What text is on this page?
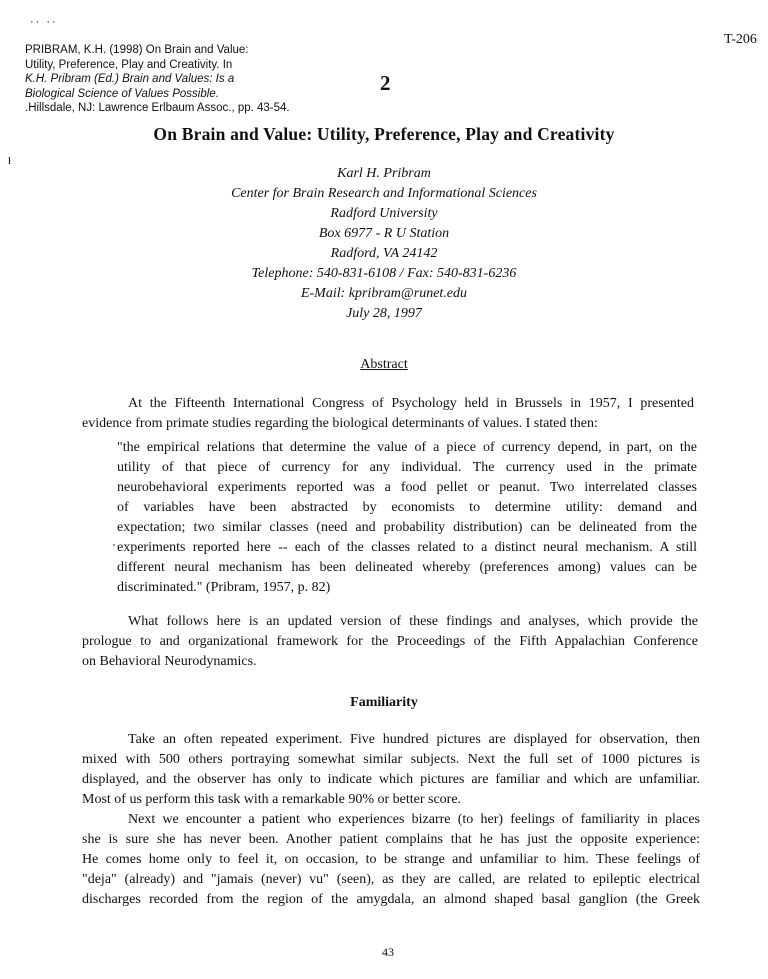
·· ··
PRIBRAM, K.H. (1998) On Brain and Value:
Utility, Preference, Play and Creativity. In
K.H. Pribram (Ed.) Brain and Values: Is a
Biological Science of Values Possible.
.Hillsdale, NJ: Lawrence Erlbaum Assoc., pp. 43-54.
T-206
2
On Brain and Value: Utility, Preference, Play and Creativity
ł
Karl H. Pribram
Center for Brain Research and Informational Sciences
Radford University
Box 6977 - R U Station
Radford, VA 24142
Telephone: 540-831-6108 / Fax: 540-831-6236
E-Mail: kpribram@runet.edu
July 28, 1997
Abstract
At the Fifteenth International Congress of Psychology held in Brussels in 1957, I presented
evidence from primate studies regarding the biological determinants of values. I stated then:
"the empirical relations that determine the value of a piece of currency depend, in part, on the
utility of that piece of currency for any individual. The currency used in the primate
neurobehavioral experiments reported was a food pellet or peanut. Two interrelated classes
of variables have been abstracted by economists to determine utility: demand and
expectation; two similar classes (need and probability distribution) can be delineated from the
experiments reported here -- each of the classes related to a distinct neural mechanism. A still
different neural mechanism has been delineated whereby (preferences among) values can be
discriminated." (Pribram, 1957, p. 82)
'
What follows here is an updated version of these findings and analyses, which provide the
prologue to and organizational framework for the Proceedings of the Fifth Appalachian Conference
on Behavioral Neurodynamics.
Familiarity
Take an often repeated experiment. Five hundred pictures are displayed for observation, then
mixed with 500 others portraying somewhat similar subjects. Next the full set of 1000 pictures is
displayed, and the observer has only to indicate which pictures are familiar and which are unfamiliar.
Most of us perform this task with a remarkable 90% or better score.
Next we encounter a patient who experiences bizarre (to her) feelings of familiarity in places
she is sure she has never been. Another patient complains that he has just the opposite experience:
He comes home only to feel it, on occasion, to be strange and unfamiliar to him. These feelings of
"deja" (already) and "jamais (never) vu" (seen), as they are called, are related to epileptic electrical
discharges recorded from the region of the amygdala, an almond shaped basal ganglion (the Greek
43
